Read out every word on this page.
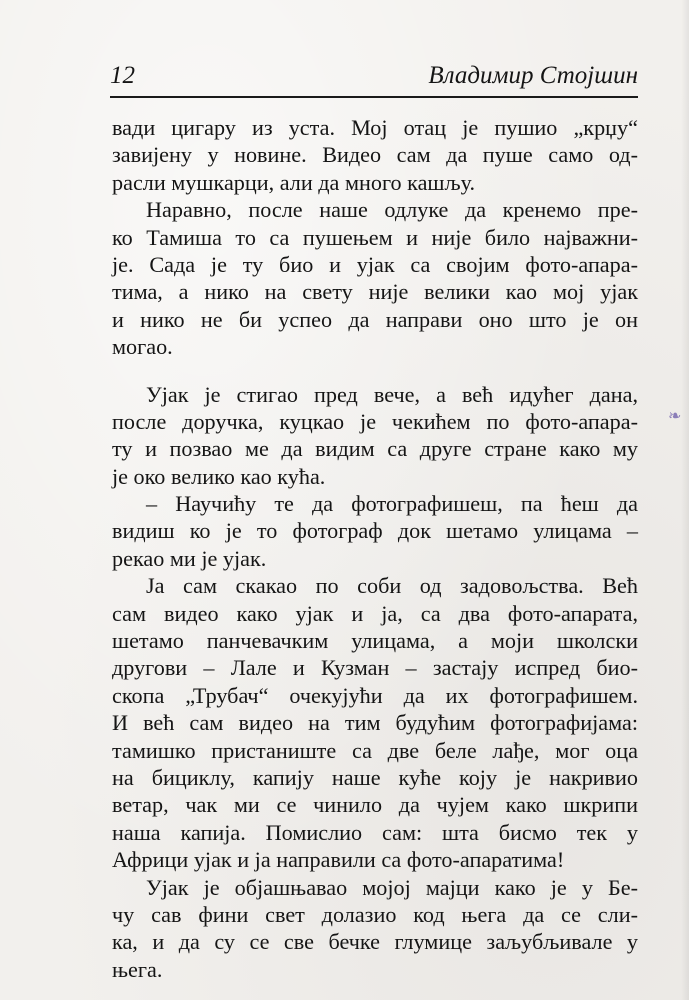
12	Владимир Стојшин
вади цигару из уста. Мој отац је пушио „крџу“
завијену у новине. Видео сам да пуше само од-
расли мушкарци, али да много кашљу.
Наравно, после наше одлуке да кренемо пре-
ко Тамиша то са пушењем и није било најважни-
је. Сада је ту био и ујак са својим фото-апара-
тима, а нико на свету није велики као мој ујак
и нико не би успео да направи оно што је он
могао.
Ујак је стигао пред вече, а већ идућег дана,
после доручка, куцкао је чекићем по фото-апара-
ту и позвао ме да видим са друге стране како му
је око велико као кућа.
– Научићу те да фотографишеш, па ћеш да
видиш ко је то фотограф док шетамо улицама –
рекао ми је ујак.
Ја сам скакао по соби од задовољства. Већ
сам видео како ујак и ја, са два фото-апарата,
шетамо панчевачким улицама, а моји школски
другови – Лале и Кузман – застају испред био-
скопа „Трубач“ очекујући да их фотографишем.
И већ сам видео на тим будућим фотографијама:
тамишко пристаниште са две беле лађе, мог оца
на бициклу, капију наше куће коју је накривио
ветар, чак ми се чинило да чујем како шкрипи
наша капија. Помислио сам: шта бисмо тек у
Африци ујак и ја направили са фото-апаратима!
Ујак је објашњавао мојој мајци како је у Бе-
чу сав фини свет долазио код њега да се сли-
ка, и да су се све бечке глумице заљубљивале у
њега.
❧
